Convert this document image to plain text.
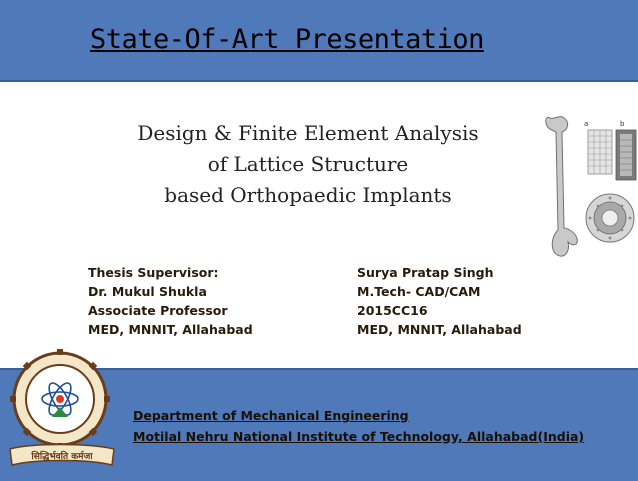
State-Of-Art Presentation
Design & Finite Element Analysis
of Lattice Structure
based Orthopaedic Implants
Thesis Supervisor:
Dr. Mukul Shukla
Associate Professor
MED, MNNIT, Allahabad
Surya Pratap Singh
M.Tech- CAD/CAM
2015CC16
MED, MNNIT, Allahabad
a	b
सिद्धिर्भवति कर्मजा
Department of Mechanical Engineering
Motilal Nehru National Institute of Technology, Allahabad(India)
